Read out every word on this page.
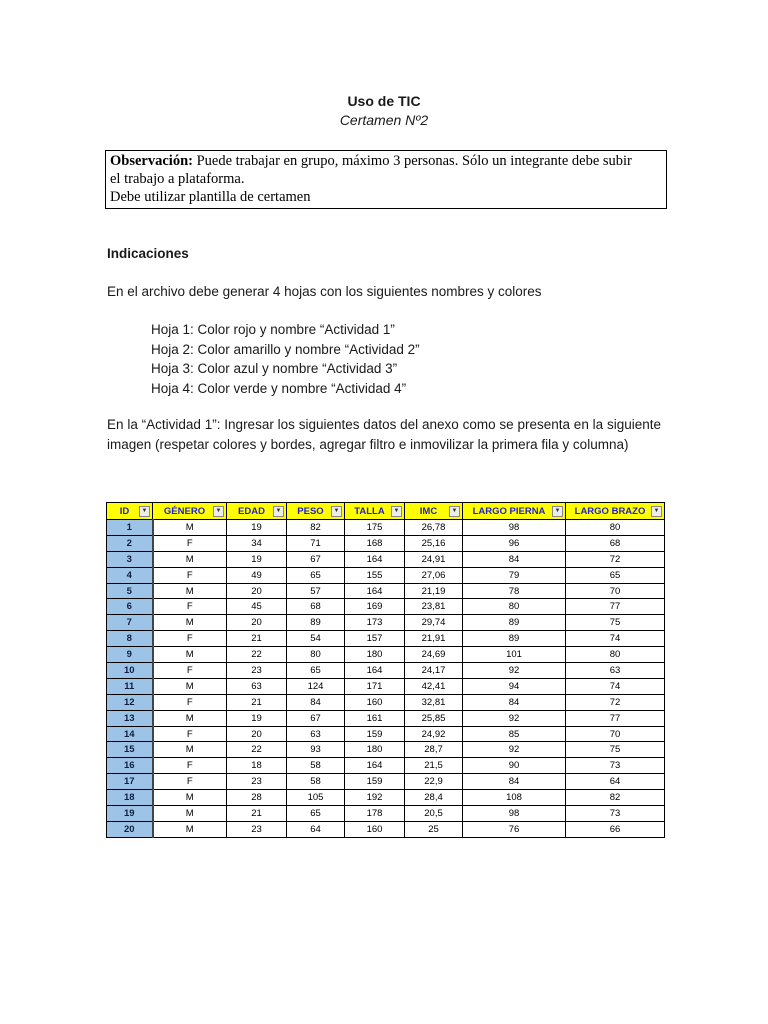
Uso de TIC
Certamen Nº2
Observación: Puede trabajar en grupo, máximo 3 personas. Sólo un integrante debe subir
el trabajo a plataforma.
Debe utilizar plantilla de certamen
Indicaciones
En el archivo debe generar 4 hojas con los siguientes nombres y colores
Hoja 1: Color rojo y nombre “Actividad 1”
Hoja 2: Color amarillo y nombre “Actividad 2”
Hoja 3: Color azul y nombre “Actividad 3”
Hoja 4: Color verde y nombre “Actividad 4”
En la “Actividad 1”: Ingresar los siguientes datos del anexo como se presenta en la siguiente imagen (respetar colores y bordes, agregar filtro e inmovilizar la primera fila y columna)
ID ▼	GÉNERO ▼	EDAD ▼	PESO ▼	TALLA ▼	IMC ▼	LARGO PIERNA ▼	LARGO BRAZO ▼

1	M	19	82	175	26,78	98	80
2	F	34	71	168	25,16	96	68
3	M	19	67	164	24,91	84	72
4	F	49	65	155	27,06	79	65
5	M	20	57	164	21,19	78	70
6	F	45	68	169	23,81	80	77
7	M	20	89	173	29,74	89	75
8	F	21	54	157	21,91	89	74
9	M	22	80	180	24,69	101	80
10	F	23	65	164	24,17	92	63
11	M	63	124	171	42,41	94	74
12	F	21	84	160	32,81	84	72
13	M	19	67	161	25,85	92	77
14	F	20	63	159	24,92	85	70
15	M	22	93	180	28,7	92	75
16	F	18	58	164	21,5	90	73
17	F	23	58	159	22,9	84	64
18	M	28	105	192	28,4	108	82
19	M	21	65	178	20,5	98	73
20	M	23	64	160	25	76	66
